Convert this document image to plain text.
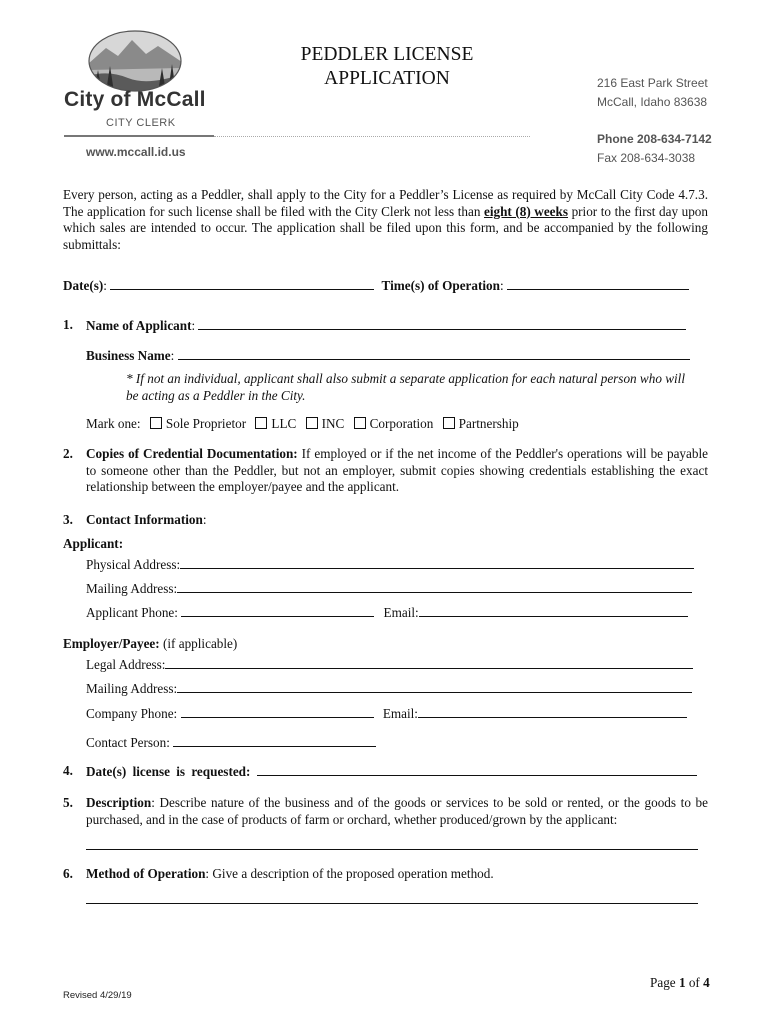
City of McCall
CITY CLERK
www.mccall.id.us
PEDDLER LICENSE
APPLICATION	216 East Park Street
McCall, Idaho 83638
Phone 208-634-7142
Fax 208-634-3038
Every person, acting as a Peddler, shall apply to the City for a Peddler’s License as required by McCall City Code 4.7.3. The application for such license shall be filed with the City Clerk not less than eight (8) weeks prior to the first day upon which sales are intended to occur. The application shall be filed upon this form, and be accompanied by the following submittals:
Date(s):	Time(s) of Operation:
1. Name of Applicant:
Business Name:
* If not an individual, applicant shall also submit a separate application for each natural person who will be acting as a Peddler in the City.
Mark one: Sole Proprietor LLC INC Corporation Partnership
2. Copies of Credential Documentation: If employed or if the net income of the Peddler's operations will be payable to someone other than the Peddler, but not an employer, submit copies showing credentials establishing the exact relationship between the employer/payee and the applicant.
3. Contact Information:
Applicant:
Physical Address:
Mailing Address:
Applicant Phone:	Email:
Employer/Payee: (if applicable)
Legal Address:
Mailing Address:
Company Phone:	Email:
Contact Person:
4. Date(s) license is requested:
5. Description: Describe nature of the business and of the goods or services to be sold or rented, or the goods to be purchased, and in the case of products of farm or orchard, whether produced/grown by the applicant:
6. Method of Operation: Give a description of the proposed operation method.
Page 1 of 4
Revised 4/29/19
